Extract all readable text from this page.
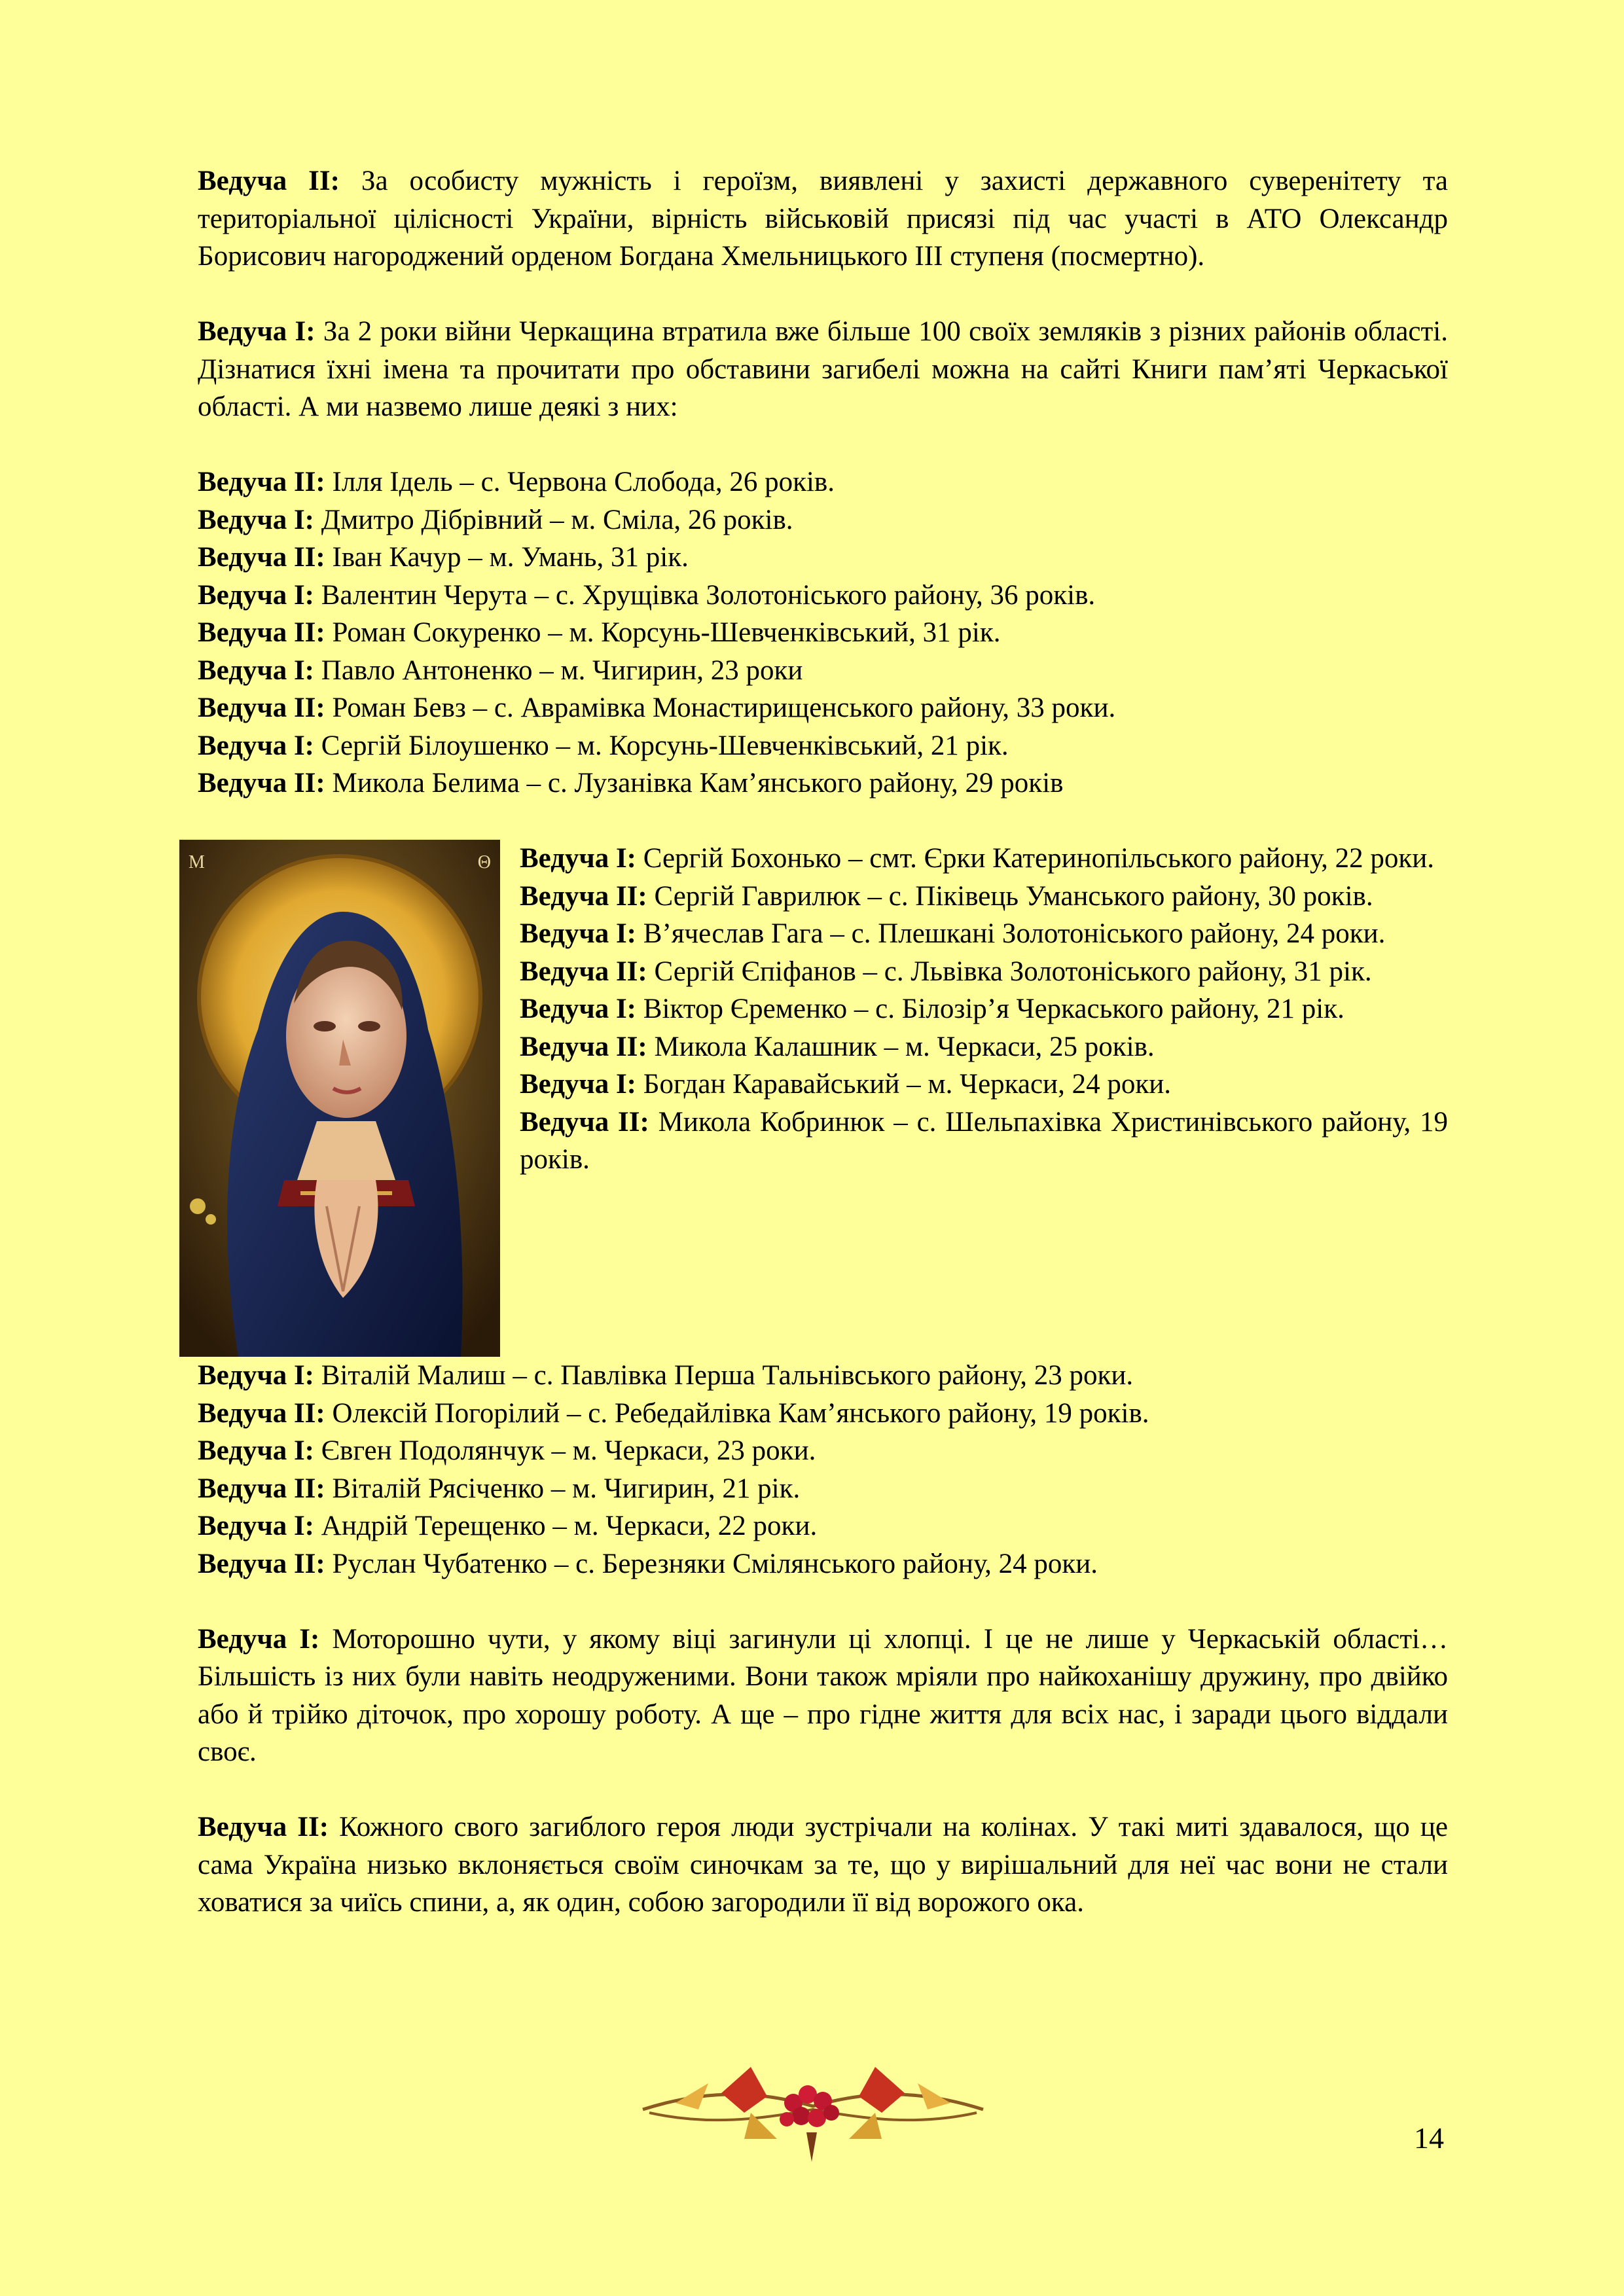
Ведуча ІІ: За особисту мужність і героїзм, виявлені у захисті державного суверенітету та територіальної цілісності України, вірність військовій присязі під час участі в АТО Олександр Борисович нагороджений орденом Богдана Хмельницького ІІІ ступеня (посмертно).

Ведуча І: За 2 роки війни Черкащина втратила вже більше 100 своїх земляків з різних районів області. Дізнатися їхні імена та прочитати про обставини загибелі можна на сайті Книги пам’яті Черкаської області. А ми назвемо лише деякі з них:

Ведуча ІІ: Ілля Ідель – с. Червона Слобода, 26 років.

Ведуча І: Дмитро Дібрівний – м. Сміла, 26 років.

Ведуча ІІ: Іван Качур – м. Умань, 31 рік.

Ведуча І: Валентин Черута – с. Хрущівка Золотоніського району, 36 років.

Ведуча ІІ: Роман Сокуренко – м. Корсунь-Шевченківський, 31 рік.

Ведуча І: Павло Антоненко – м. Чигирин, 23 роки

Ведуча ІІ: Роман Бевз – с. Аврамівка Монастирищенського району, 33 роки.

Ведуча І: Сергій Білоушенко – м. Корсунь-Шевченківський, 21 рік.

Ведуча ІІ: Микола Белима – с. Лузанівка Кам’янського району, 29 років

M	Θ	Ведуча І: Сергій Бохонько – смт. Єрки Катеринопільського району, 22 роки.

Ведуча ІІ: Сергій Гаврилюк – с. Піківець Уманського району, 30 років.

Ведуча І: В’ячеслав Гага – с. Плешкані Золотоніського району, 24 роки.

Ведуча ІІ: Сергій Єпіфанов – с. Львівка Золотоніського району, 31 рік.

Ведуча І: Віктор Єременко – с. Білозір’я Черкаського району, 21 рік.

Ведуча ІІ: Микола Калашник – м. Черкаси, 25 років.

Ведуча І: Богдан Каравайський – м. Черкаси, 24 роки.

Ведуча ІІ: Микола Кобринюк – с. Шельпахівка Христинівського району, 19 років.

Ведуча І: Віталій Малиш – с. Павлівка Перша Тальнівського району, 23 роки.

Ведуча ІІ: Олексій Погорілий – с. Ребедайлівка Кам’янського району, 19 років.

Ведуча І: Євген Подолянчук – м. Черкаси, 23 роки.

Ведуча ІІ: Віталій Рясіченко – м. Чигирин, 21 рік.

Ведуча І: Андрій Терещенко – м. Черкаси, 22 роки.

Ведуча ІІ: Руслан Чубатенко – с. Березняки Смілянського району, 24 роки.

Ведуча І: Моторошно чути, у якому віці загинули ці хлопці. І це не лише у Черкаській області… Більшість із них були навіть неодруженими. Вони також мріяли про найкоханішу дружину, про двійко або й трійко діточок, про хорошу роботу. А ще – про гідне життя для всіх нас, і заради цього віддали своє.

Ведуча ІІ: Кожного свого загиблого героя люди зустрічали на колінах. У такі миті здавалося, що це сама Україна низько вклоняється своїм синочкам за те, що у вирішальний для неї час вони не стали ховатися за чиїсь спини, а, як один, собою загородили її від ворожого ока.

14
